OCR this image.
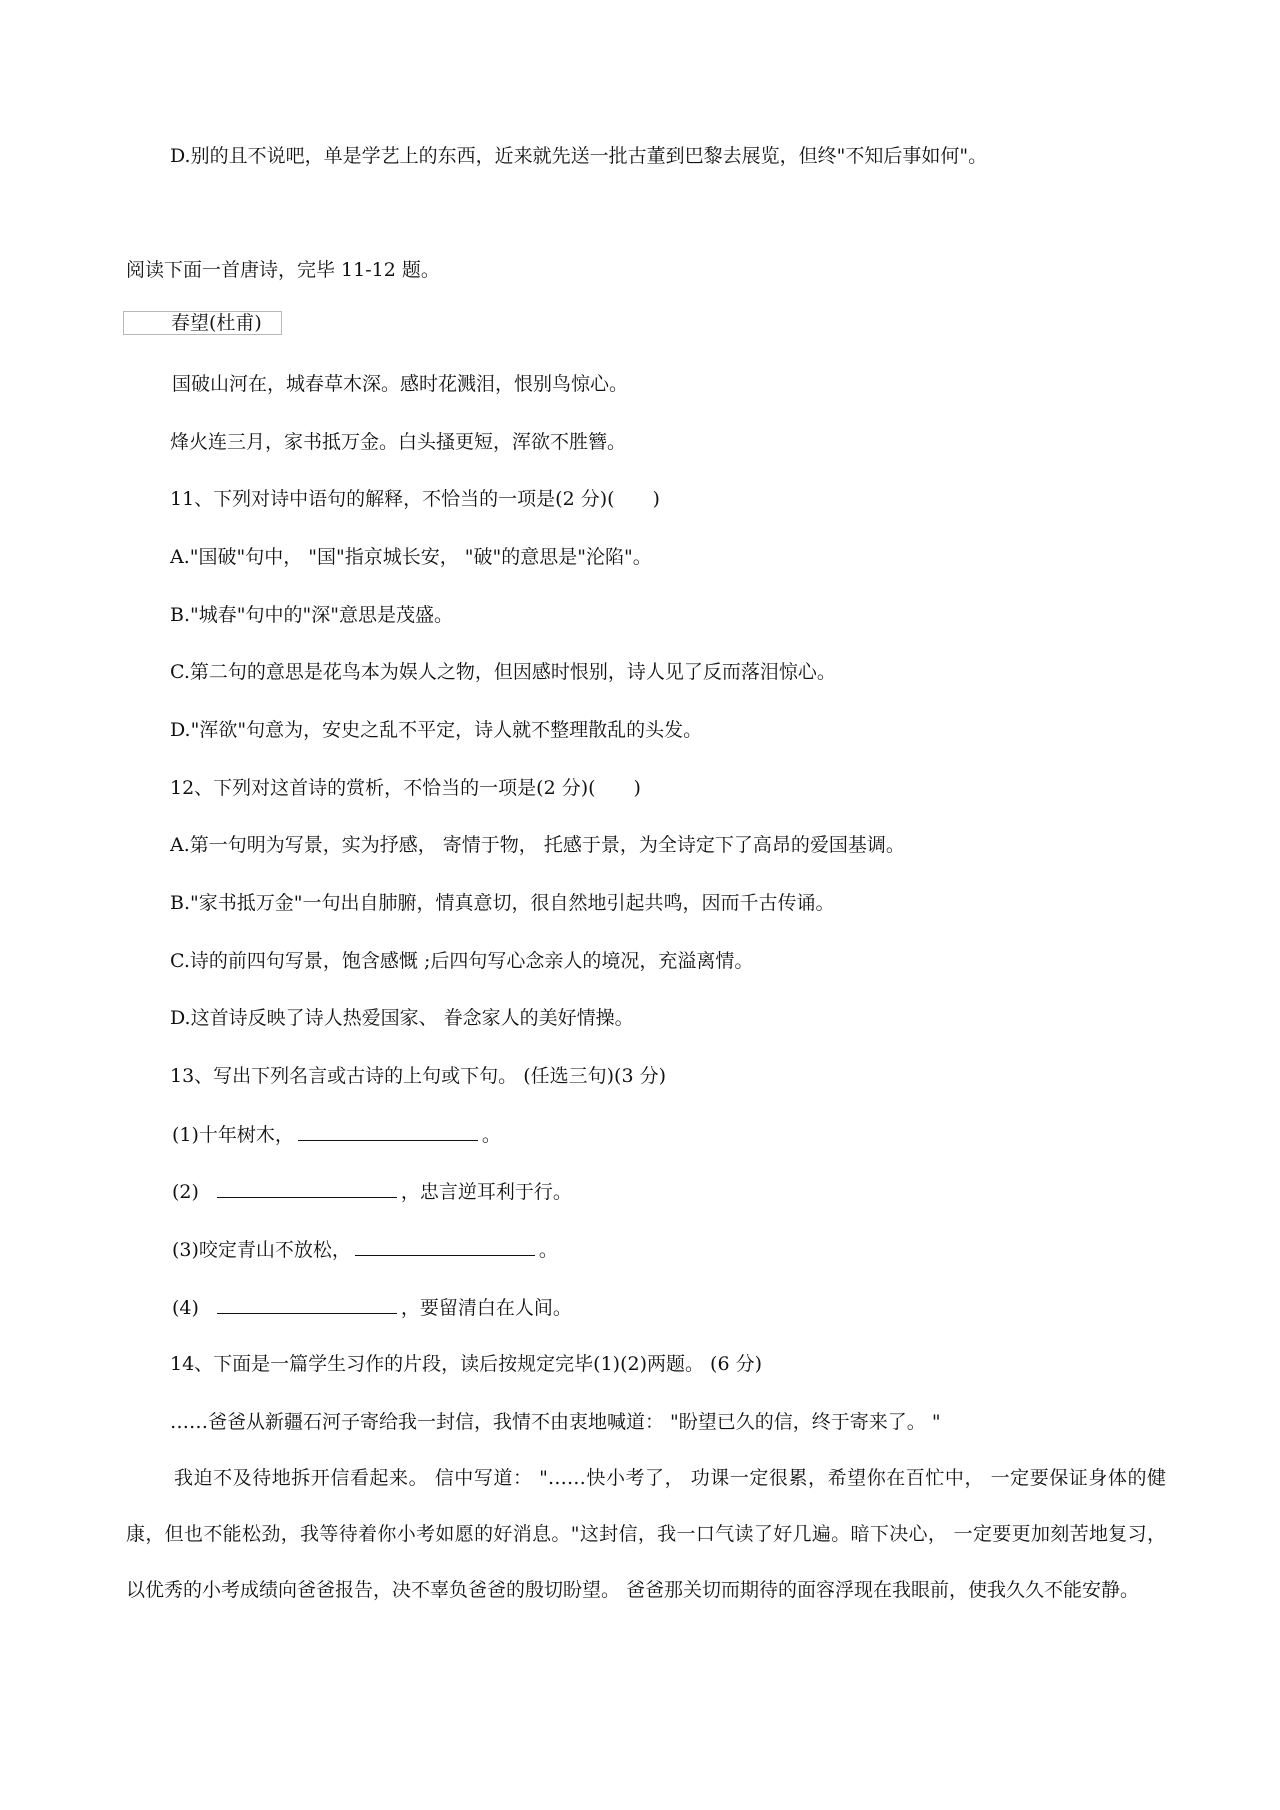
D.别的且不说吧，单是学艺上的东西，近来就先送一批古董到巴黎去展览，但终"不知后事如何"。
阅读下面一首唐诗，完毕 11-12 题。
春望(杜甫)
国破山河在，城春草木深。感时花溅泪，恨别鸟惊心。
烽火连三月，家书抵万金。白头搔更短，浑欲不胜簪。
11、下列对诗中语句的解释，不恰当的一项是(2 分)(　　)
A."国破"句中， "国"指京城长安， "破"的意思是"沦陷"。
B."城春"句中的"深"意思是茂盛。
C.第二句的意思是花鸟本为娱人之物，但因感时恨别，诗人见了反而落泪惊心。
D."浑欲"句意为，安史之乱不平定，诗人就不整理散乱的头发。
12、下列对这首诗的赏析，不恰当的一项是(2 分)(　　)
A.第一句明为写景，实为抒感， 寄情于物， 托感于景，为全诗定下了高昂的爱国基调。
B."家书抵万金"一句出自肺腑，情真意切，很自然地引起共鸣，因而千古传诵。
C.诗的前四句写景，饱含感慨 ;后四句写心念亲人的境况，充溢离情。
D.这首诗反映了诗人热爱国家、 眷念家人的美好情操。
13、写出下列名言或古诗的上句或下句。 (任选三句)(3 分)
(1)十年树木，	。
(2)	，忠言逆耳利于行。
(3)咬定青山不放松，	。
(4)	，要留清白在人间。
14、下面是一篇学生习作的片段，读后按规定完毕(1)(2)两题。 (6 分)
……爸爸从新疆石河子寄给我一封信，我情不由衷地喊道： "盼望已久的信，终于寄来了。 "
我迫不及待地拆开信看起来。 信中写道： "……快小考了， 功课一定很累，希望你在百忙中， 一定要保证身体的健康，但也不能松劲，我等待着你小考如愿的好消息。"这封信，我一口气读了好几遍。暗下决心， 一定要更加刻苦地复习，以优秀的小考成绩向爸爸报告，决不辜负爸爸的殷切盼望。 爸爸那关切而期待的面容浮现在我眼前，使我久久不能安静。
